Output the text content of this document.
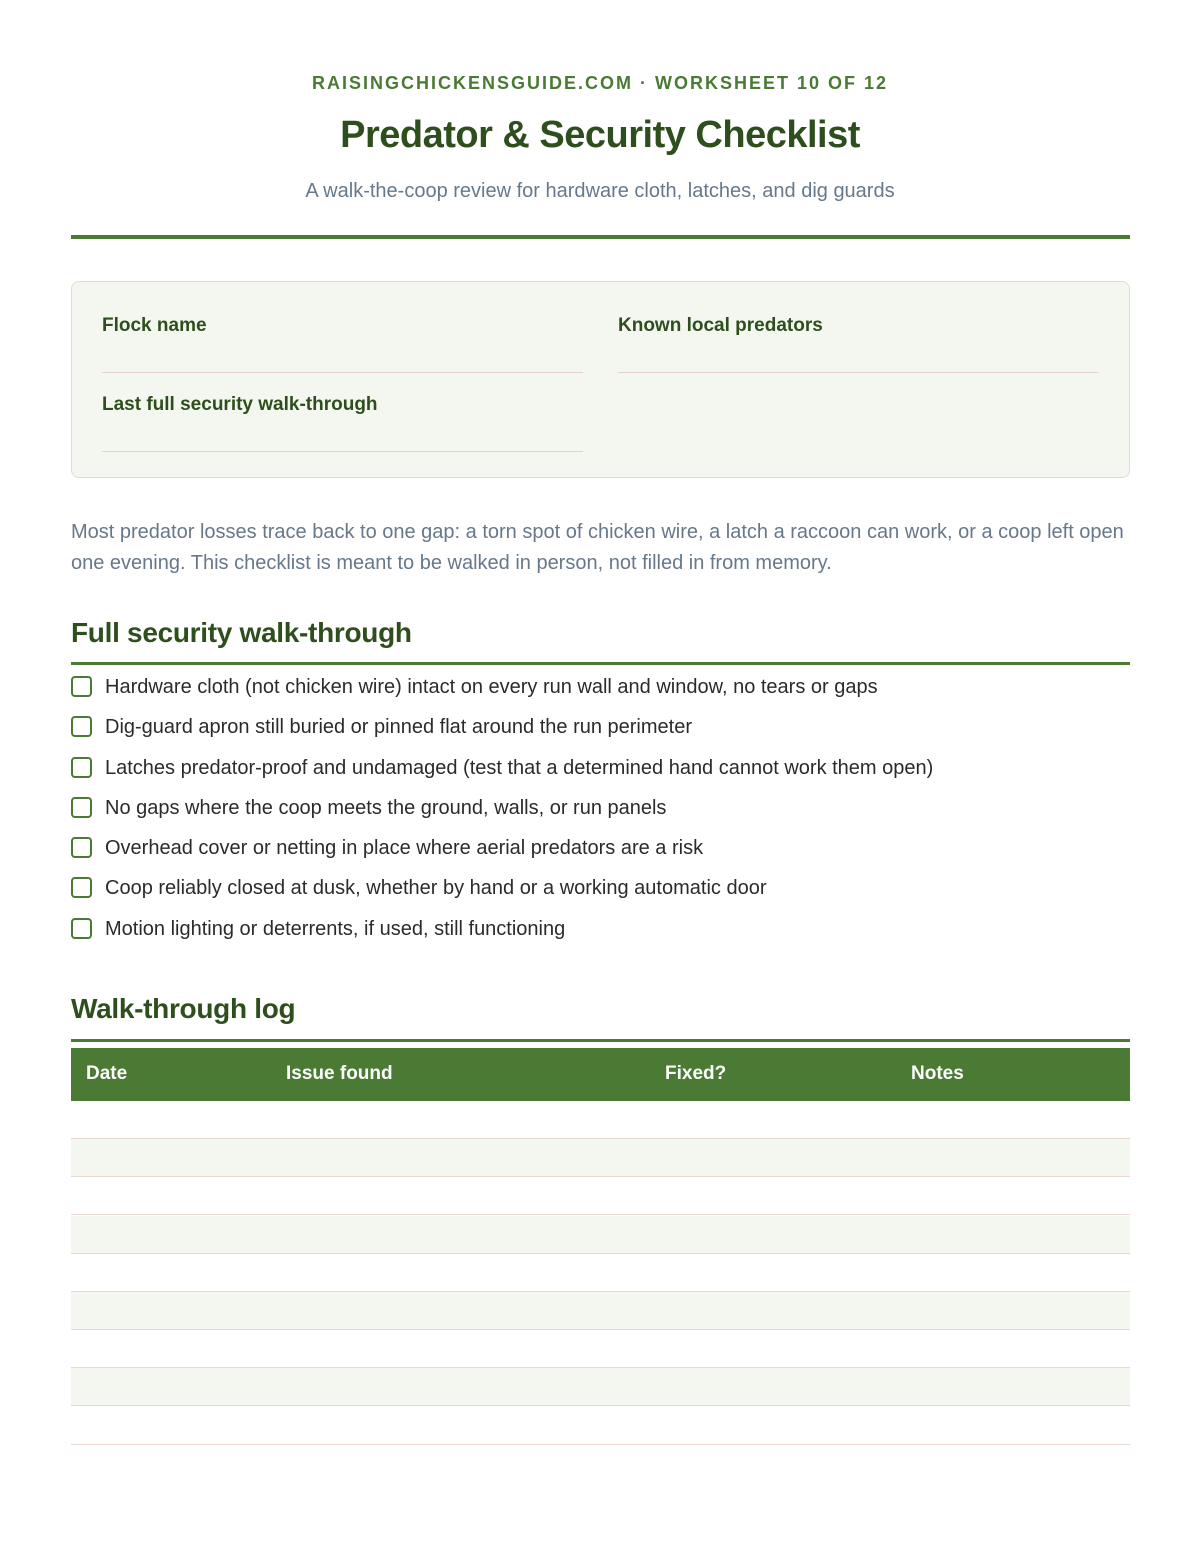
RAISINGCHICKENSGUIDE.COM · WORKSHEET 10 OF 12
Predator & Security Checklist
A walk-the-coop review for hardware cloth, latches, and dig guards
Flock name	Known local predators
Last full security walk-through
Most predator losses trace back to one gap: a torn spot of chicken wire, a latch a raccoon can work, or a coop left open one evening. This checklist is meant to be walked in person, not filled in from memory.
Full security walk-through
Hardware cloth (not chicken wire) intact on every run wall and window, no tears or gaps
Dig-guard apron still buried or pinned flat around the run perimeter
Latches predator-proof and undamaged (test that a determined hand cannot work them open)
No gaps where the coop meets the ground, walls, or run panels
Overhead cover or netting in place where aerial predators are a risk
Coop reliably closed at dusk, whether by hand or a working automatic door
Motion lighting or deterrents, if used, still functioning
Walk-through log
Date	Issue found	Fixed?	Notes
